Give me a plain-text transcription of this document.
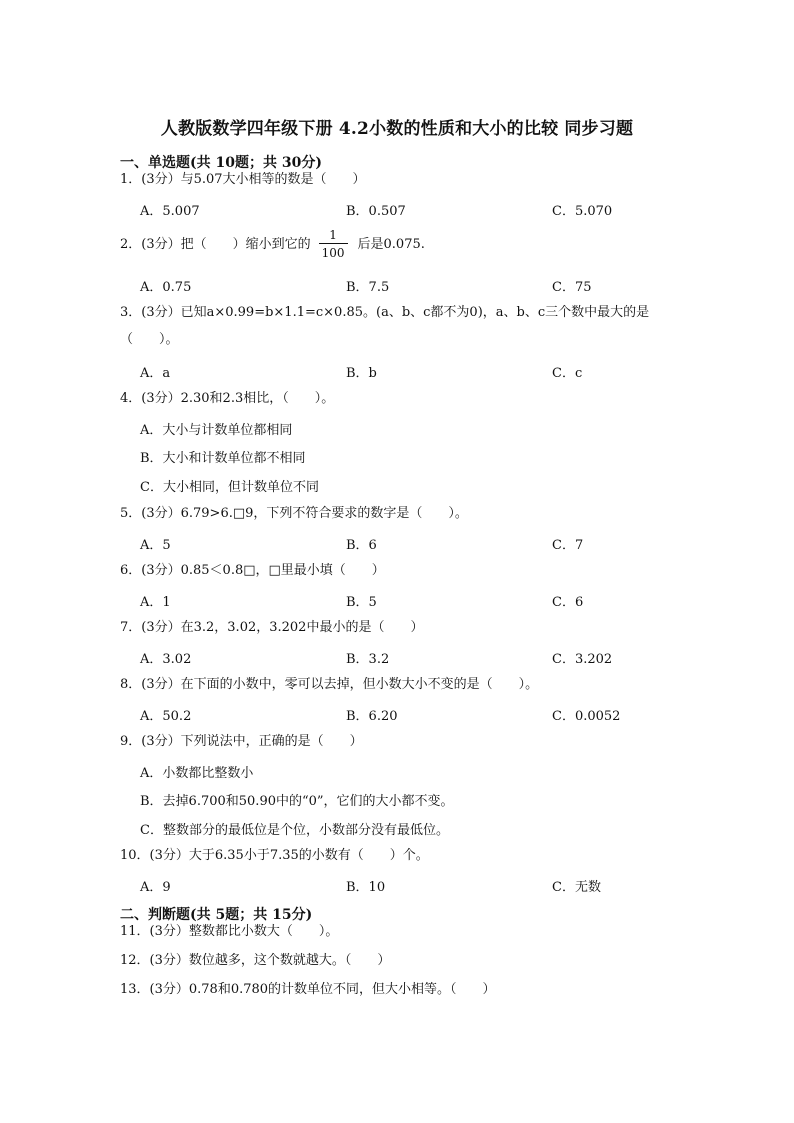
人教版数学四年级下册 4.2小数的性质和大小的比较 同步习题
一、单选题(共 10题；共 30分)
1．(3分）与5.07大小相等的数是（　　）
A．5.007	B．0.507	C．5.070
2．(3分）把（　　）缩小到它的 $\frac{1}{100}$ 后是0.075.
A．0.75	B．7.5	C．75
3．(3分）已知a×0.99=b×1.1=c×0.85。(a、b、c都不为0)，a、b、c三个数中最大的是（　　）。
A．a	B．b	C．c
4．(3分）2.30和2.3相比，（　　）。
A．大小与计数单位都相同
B．大小和计数单位都不相同
C．大小相同，但计数单位不同
5．(3分）6.79>6.□9，下列不符合要求的数字是（　　）。
A．5	B．6	C．7
6．(3分）0.85＜0.8□，□里最小填（　　）
A．1	B．5	C．6
7．(3分）在3.2，3.02，3.202中最小的是（　　）
A．3.02	B．3.2	C．3.202
8．(3分）在下面的小数中，零可以去掉，但小数大小不变的是（　　）。
A．50.2	B．6.20	C．0.0052
9．(3分）下列说法中，正确的是（　　）
A．小数都比整数小
B．去掉6.700和50.90中的“0”，它们的大小都不变。
C．整数部分的最低位是个位，小数部分没有最低位。
10．(3分）大于6.35小于7.35的小数有（　　）个。
A．9	B．10	C．无数
二、判断题(共 5题；共 15分)
11．(3分）整数都比小数大（　　）。
12．(3分）数位越多，这个数就越大。（　　）
13．(3分）0.78和0.780的计数单位不同，但大小相等。（　　）
